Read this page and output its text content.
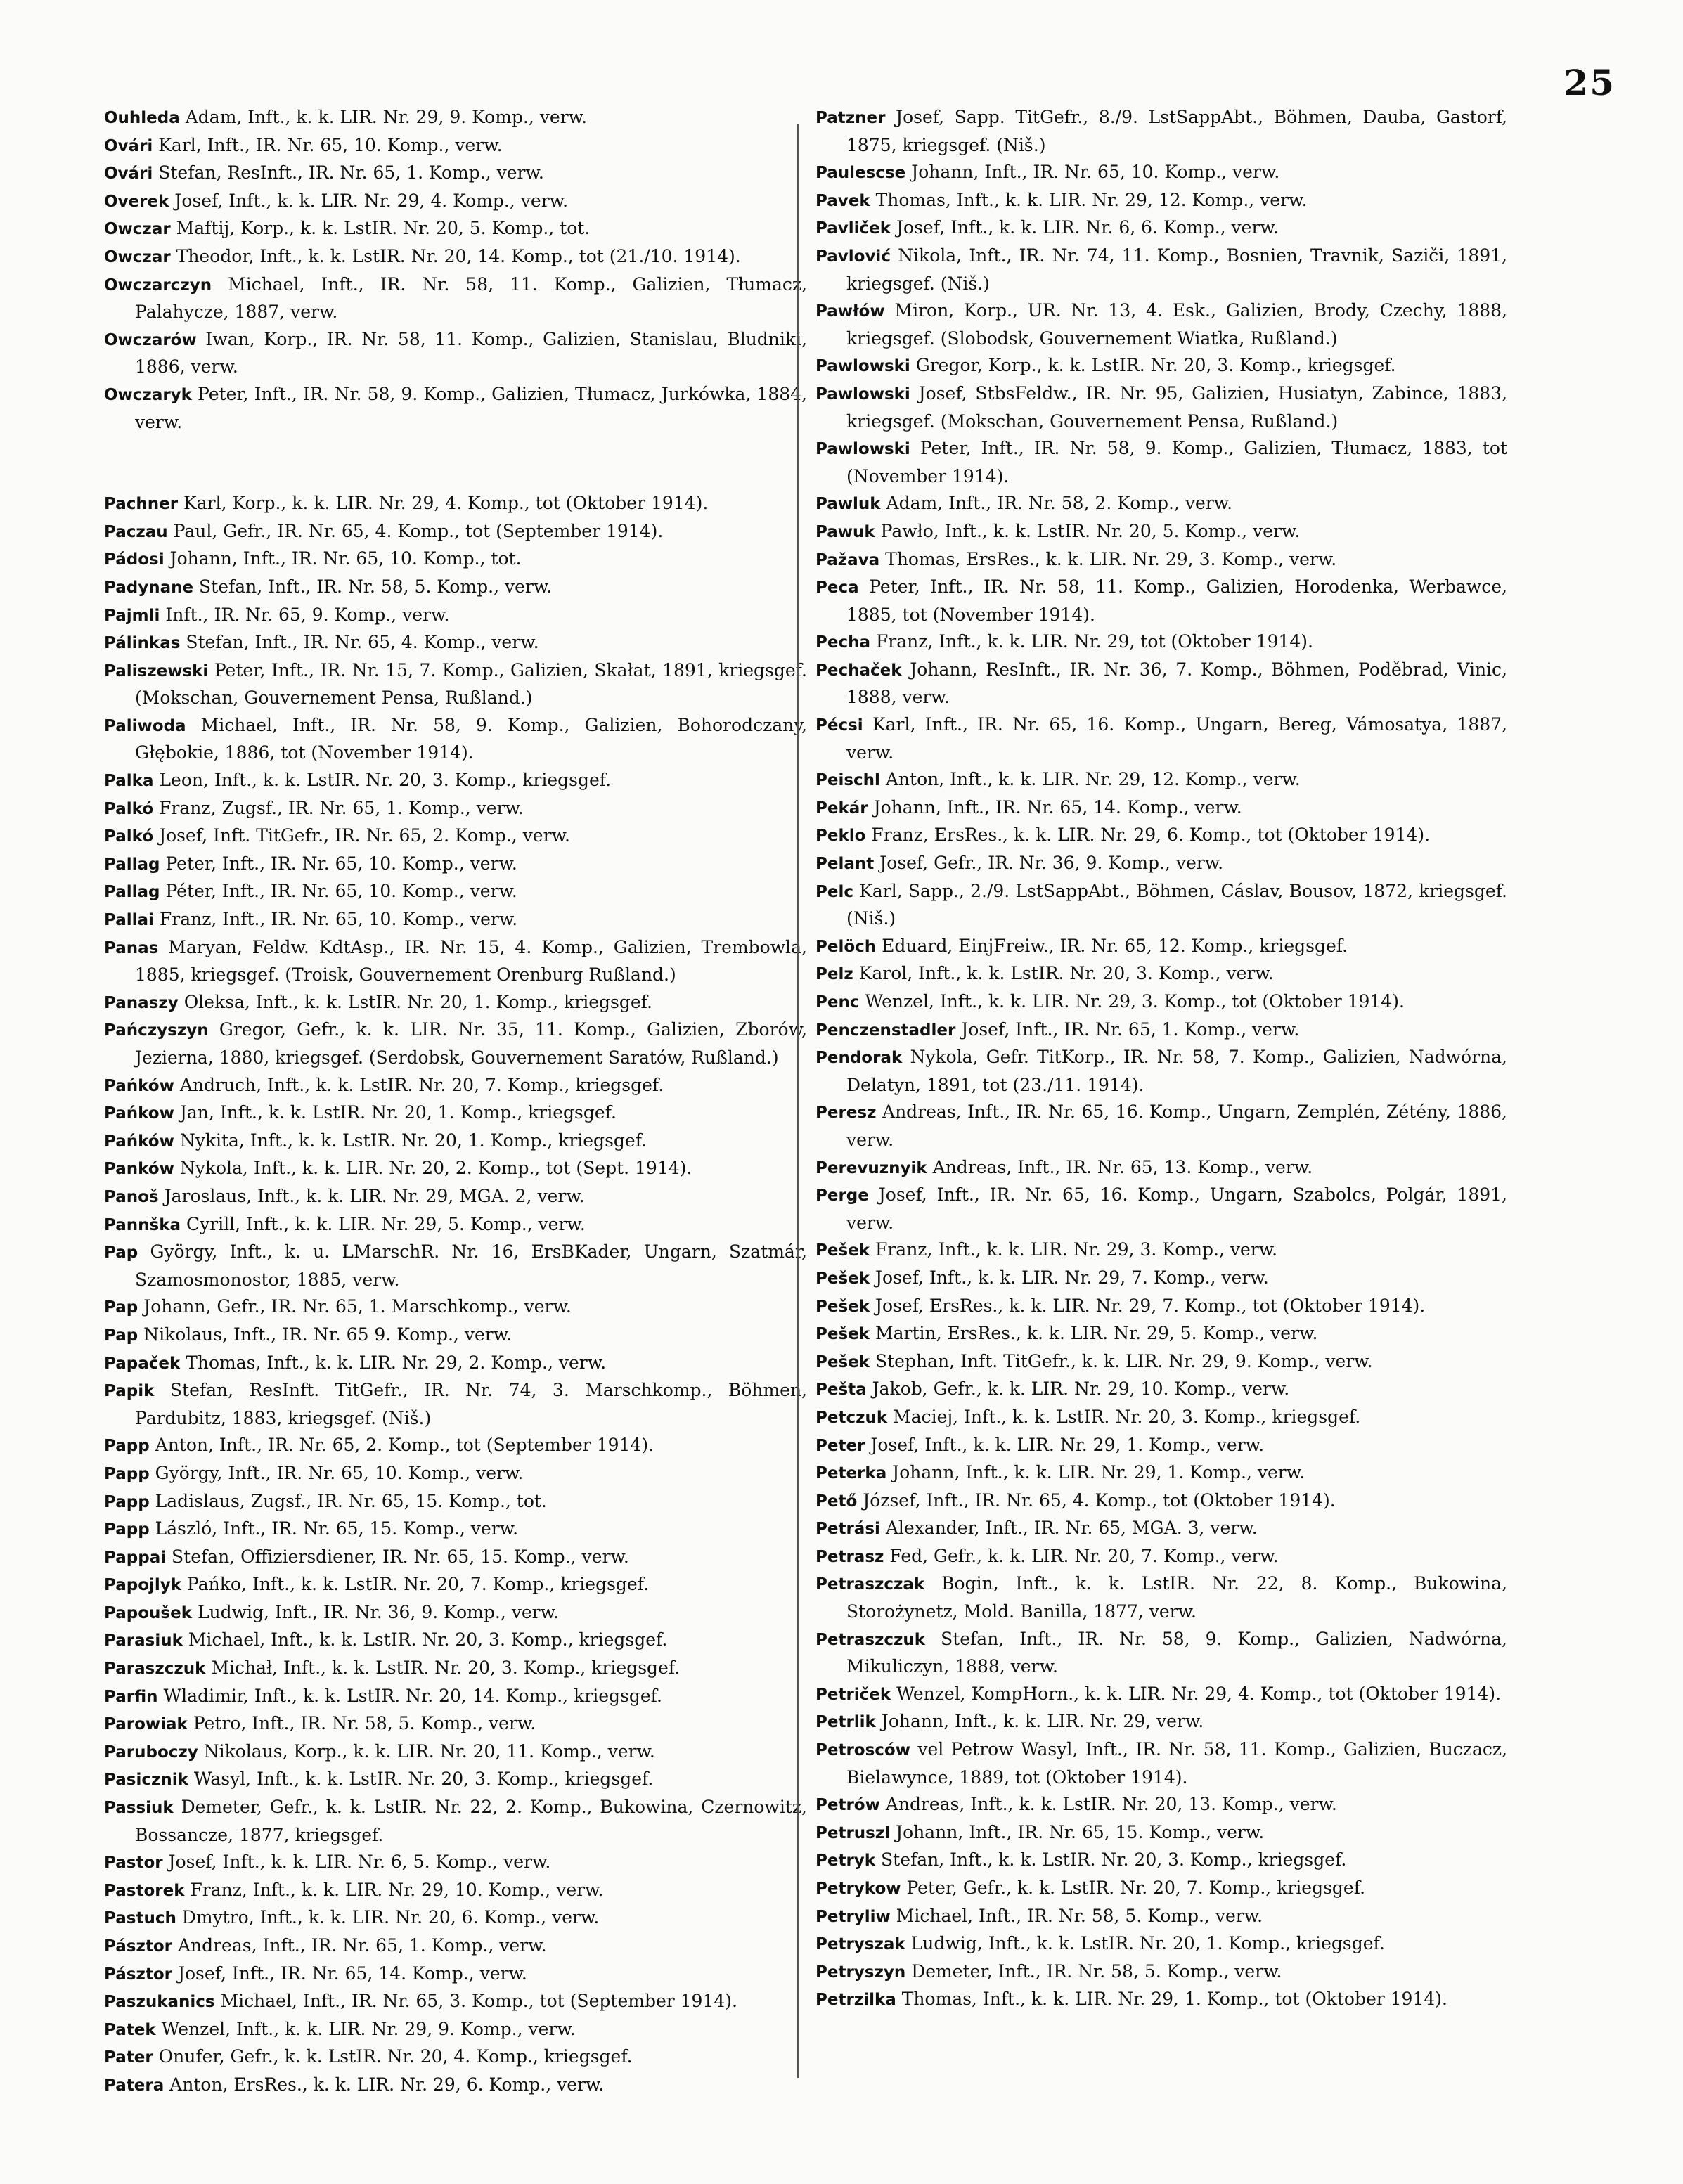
25

Ouhleda Adam, Inft., k. k. LIR. Nr. 29, 9. Komp., verw.

Ovári Karl, Inft., IR. Nr. 65, 10. Komp., verw.

Ovári Stefan, ResInft., IR. Nr. 65, 1. Komp., verw.

Overek Josef, Inft., k. k. LIR. Nr. 29, 4. Komp., verw.

Owczar Maftij, Korp., k. k. LstIR. Nr. 20, 5. Komp., tot.

Owczar Theodor, Inft., k. k. LstIR. Nr. 20, 14. Komp., tot (21./10. 1914).

Owczarczyn Michael, Inft., IR. Nr. 58, 11. Komp., Galizien, Tłumacz, Palahycze, 1887, verw.

Owczarów Iwan, Korp., IR. Nr. 58, 11. Komp., Galizien, Stanislau, Bludniki, 1886, verw.

Owczaryk Peter, Inft., IR. Nr. 58, 9. Komp., Galizien, Tłumacz, Jurkówka, 1884, verw.

Pachner Karl, Korp., k. k. LIR. Nr. 29, 4. Komp., tot (Oktober 1914).

Paczau Paul, Gefr., IR. Nr. 65, 4. Komp., tot (September 1914).

Pádosi Johann, Inft., IR. Nr. 65, 10. Komp., tot.

Padynane Stefan, Inft., IR. Nr. 58, 5. Komp., verw.

Pajmli Inft., IR. Nr. 65, 9. Komp., verw.

Pálinkas Stefan, Inft., IR. Nr. 65, 4. Komp., verw.

Paliszewski Peter, Inft., IR. Nr. 15, 7. Komp., Galizien, Skałat, 1891, kriegsgef. (Mokschan, Gouvernement Pensa, Rußland.)

Paliwoda Michael, Inft., IR. Nr. 58, 9. Komp., Galizien, Bohorodczany, Głębokie, 1886, tot (November 1914).

Palka Leon, Inft., k. k. LstIR. Nr. 20, 3. Komp., kriegsgef.

Palkó Franz, Zugsf., IR. Nr. 65, 1. Komp., verw.

Palkó Josef, Inft. TitGefr., IR. Nr. 65, 2. Komp., verw.

Pallag Peter, Inft., IR. Nr. 65, 10. Komp., verw.

Pallag Péter, Inft., IR. Nr. 65, 10. Komp., verw.

Pallai Franz, Inft., IR. Nr. 65, 10. Komp., verw.

Panas Maryan, Feldw. KdtAsp., IR. Nr. 15, 4. Komp., Galizien, Trembowla, 1885, kriegsgef. (Troisk, Gouvernement Orenburg Rußland.)

Panaszy Oleksa, Inft., k. k. LstIR. Nr. 20, 1. Komp., kriegsgef.

Pańczyszyn Gregor, Gefr., k. k. LIR. Nr. 35, 11. Komp., Galizien, Zborów, Jezierna, 1880, kriegsgef. (Serdobsk, Gouvernement Saratów, Rußland.)

Pańków Andruch, Inft., k. k. LstIR. Nr. 20, 7. Komp., kriegsgef.

Pańkow Jan, Inft., k. k. LstIR. Nr. 20, 1. Komp., kriegsgef.

Pańków Nykita, Inft., k. k. LstIR. Nr. 20, 1. Komp., kriegsgef.

Panków Nykola, Inft., k. k. LIR. Nr. 20, 2. Komp., tot (Sept. 1914).

Panoš Jaroslaus, Inft., k. k. LIR. Nr. 29, MGA. 2, verw.

Pannška Cyrill, Inft., k. k. LIR. Nr. 29, 5. Komp., verw.

Pap György, Inft., k. u. LMarschR. Nr. 16, ErsBKader, Ungarn, Szatmár, Szamosmonostor, 1885, verw.

Pap Johann, Gefr., IR. Nr. 65, 1. Marschkomp., verw.

Pap Nikolaus, Inft., IR. Nr. 65 9. Komp., verw.

Papaček Thomas, Inft., k. k. LIR. Nr. 29, 2. Komp., verw.

Papik Stefan, ResInft. TitGefr., IR. Nr. 74, 3. Marschkomp., Böhmen, Pardubitz, 1883, kriegsgef. (Niš.)

Papp Anton, Inft., IR. Nr. 65, 2. Komp., tot (September 1914).

Papp György, Inft., IR. Nr. 65, 10. Komp., verw.

Papp Ladislaus, Zugsf., IR. Nr. 65, 15. Komp., tot.

Papp László, Inft., IR. Nr. 65, 15. Komp., verw.

Pappai Stefan, Offiziersdiener, IR. Nr. 65, 15. Komp., verw.

Papojlyk Pańko, Inft., k. k. LstIR. Nr. 20, 7. Komp., kriegsgef.

Papoušek Ludwig, Inft., IR. Nr. 36, 9. Komp., verw.

Parasiuk Michael, Inft., k. k. LstIR. Nr. 20, 3. Komp., kriegsgef.

Paraszczuk Michał, Inft., k. k. LstIR. Nr. 20, 3. Komp., kriegsgef.

Parfin Wladimir, Inft., k. k. LstIR. Nr. 20, 14. Komp., kriegsgef.

Parowiak Petro, Inft., IR. Nr. 58, 5. Komp., verw.

Paruboczy Nikolaus, Korp., k. k. LIR. Nr. 20, 11. Komp., verw.

Pasicznik Wasyl, Inft., k. k. LstIR. Nr. 20, 3. Komp., kriegsgef.

Passiuk Demeter, Gefr., k. k. LstIR. Nr. 22, 2. Komp., Bukowina, Czernowitz, Bossancze, 1877, kriegsgef.

Pastor Josef, Inft., k. k. LIR. Nr. 6, 5. Komp., verw.

Pastorek Franz, Inft., k. k. LIR. Nr. 29, 10. Komp., verw.

Pastuch Dmytro, Inft., k. k. LIR. Nr. 20, 6. Komp., verw.

Pásztor Andreas, Inft., IR. Nr. 65, 1. Komp., verw.

Pásztor Josef, Inft., IR. Nr. 65, 14. Komp., verw.

Paszukanics Michael, Inft., IR. Nr. 65, 3. Komp., tot (September 1914).

Patek Wenzel, Inft., k. k. LIR. Nr. 29, 9. Komp., verw.

Pater Onufer, Gefr., k. k. LstIR. Nr. 20, 4. Komp., kriegsgef.

Patera Anton, ErsRes., k. k. LIR. Nr. 29, 6. Komp., verw.

Patzner Josef, Sapp. TitGefr., 8./9. LstSappAbt., Böhmen, Dauba, Gastorf, 1875, kriegsgef. (Niš.)

Paulescse Johann, Inft., IR. Nr. 65, 10. Komp., verw.

Pavek Thomas, Inft., k. k. LIR. Nr. 29, 12. Komp., verw.

Pavliček Josef, Inft., k. k. LIR. Nr. 6, 6. Komp., verw.

Pavlović Nikola, Inft., IR. Nr. 74, 11. Komp., Bosnien, Travnik, Saziči, 1891, kriegsgef. (Niš.)

Pawłów Miron, Korp., UR. Nr. 13, 4. Esk., Galizien, Brody, Czechy, 1888, kriegsgef. (Slobodsk, Gouvernement Wiatka, Rußland.)

Pawlowski Gregor, Korp., k. k. LstIR. Nr. 20, 3. Komp., kriegsgef.

Pawlowski Josef, StbsFeldw., IR. Nr. 95, Galizien, Husiatyn, Zabince, 1883, kriegsgef. (Mokschan, Gouvernement Pensa, Rußland.)

Pawlowski Peter, Inft., IR. Nr. 58, 9. Komp., Galizien, Tłumacz, 1883, tot (November 1914).

Pawluk Adam, Inft., IR. Nr. 58, 2. Komp., verw.

Pawuk Pawło, Inft., k. k. LstIR. Nr. 20, 5. Komp., verw.

Pažava Thomas, ErsRes., k. k. LIR. Nr. 29, 3. Komp., verw.

Peca Peter, Inft., IR. Nr. 58, 11. Komp., Galizien, Horodenka, Werbawce, 1885, tot (November 1914).

Pecha Franz, Inft., k. k. LIR. Nr. 29, tot (Oktober 1914).

Pechaček Johann, ResInft., IR. Nr. 36, 7. Komp., Böhmen, Poděbrad, Vinic, 1888, verw.

Pécsi Karl, Inft., IR. Nr. 65, 16. Komp., Ungarn, Bereg, Vámosatya, 1887, verw.

Peischl Anton, Inft., k. k. LIR. Nr. 29, 12. Komp., verw.

Pekár Johann, Inft., IR. Nr. 65, 14. Komp., verw.

Peklo Franz, ErsRes., k. k. LIR. Nr. 29, 6. Komp., tot (Oktober 1914).

Pelant Josef, Gefr., IR. Nr. 36, 9. Komp., verw.

Pelc Karl, Sapp., 2./9. LstSappAbt., Böhmen, Cáslav, Bousov, 1872, kriegsgef. (Niš.)

Pelöch Eduard, EinjFreiw., IR. Nr. 65, 12. Komp., kriegsgef.

Pelz Karol, Inft., k. k. LstIR. Nr. 20, 3. Komp., verw.

Penc Wenzel, Inft., k. k. LIR. Nr. 29, 3. Komp., tot (Oktober 1914).

Penczenstadler Josef, Inft., IR. Nr. 65, 1. Komp., verw.

Pendorak Nykola, Gefr. TitKorp., IR. Nr. 58, 7. Komp., Galizien, Nadwórna, Delatyn, 1891, tot (23./11. 1914).

Peresz Andreas, Inft., IR. Nr. 65, 16. Komp., Ungarn, Zemplén, Zétény, 1886, verw.

Perevuznyik Andreas, Inft., IR. Nr. 65, 13. Komp., verw.

Perge Josef, Inft., IR. Nr. 65, 16. Komp., Ungarn, Szabolcs, Polgár, 1891, verw.

Pešek Franz, Inft., k. k. LIR. Nr. 29, 3. Komp., verw.

Pešek Josef, Inft., k. k. LIR. Nr. 29, 7. Komp., verw.

Pešek Josef, ErsRes., k. k. LIR. Nr. 29, 7. Komp., tot (Oktober 1914).

Pešek Martin, ErsRes., k. k. LIR. Nr. 29, 5. Komp., verw.

Pešek Stephan, Inft. TitGefr., k. k. LIR. Nr. 29, 9. Komp., verw.

Pešta Jakob, Gefr., k. k. LIR. Nr. 29, 10. Komp., verw.

Petczuk Maciej, Inft., k. k. LstIR. Nr. 20, 3. Komp., kriegsgef.

Peter Josef, Inft., k. k. LIR. Nr. 29, 1. Komp., verw.

Peterka Johann, Inft., k. k. LIR. Nr. 29, 1. Komp., verw.

Pető József, Inft., IR. Nr. 65, 4. Komp., tot (Oktober 1914).

Petrási Alexander, Inft., IR. Nr. 65, MGA. 3, verw.

Petrasz Fed, Gefr., k. k. LIR. Nr. 20, 7. Komp., verw.

Petraszczak Bogin, Inft., k. k. LstIR. Nr. 22, 8. Komp., Bukowina, Storożynetz, Mold. Banilla, 1877, verw.

Petraszczuk Stefan, Inft., IR. Nr. 58, 9. Komp., Galizien, Nadwórna, Mikuliczyn, 1888, verw.

Petriček Wenzel, KompHorn., k. k. LIR. Nr. 29, 4. Komp., tot (Oktober 1914).

Petrlik Johann, Inft., k. k. LIR. Nr. 29, verw.

Petrosców vel Petrow Wasyl, Inft., IR. Nr. 58, 11. Komp., Galizien, Buczacz, Bielawynce, 1889, tot (Oktober 1914).

Petrów Andreas, Inft., k. k. LstIR. Nr. 20, 13. Komp., verw.

Petruszl Johann, Inft., IR. Nr. 65, 15. Komp., verw.

Petryk Stefan, Inft., k. k. LstIR. Nr. 20, 3. Komp., kriegsgef.

Petrykow Peter, Gefr., k. k. LstIR. Nr. 20, 7. Komp., kriegsgef.

Petryliw Michael, Inft., IR. Nr. 58, 5. Komp., verw.

Petryszak Ludwig, Inft., k. k. LstIR. Nr. 20, 1. Komp., kriegsgef.

Petryszyn Demeter, Inft., IR. Nr. 58, 5. Komp., verw.

Petrzilka Thomas, Inft., k. k. LIR. Nr. 29, 1. Komp., tot (Oktober 1914).
